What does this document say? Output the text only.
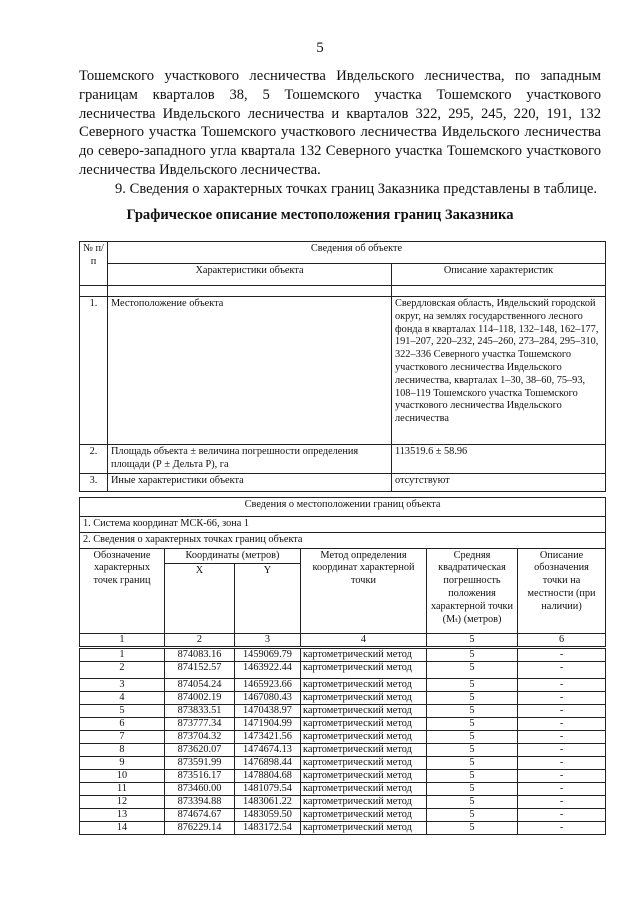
5

Тошемского участкового лесничества Ивдельского лесничества, по западным границам кварталов 38, 5 Тошемского участка Тошемского участкового лесничества Ивдельского лесничества и кварталов 322, 295, 245, 220, 191, 132 Северного участка Тошемского участкового лесничества Ивдельского лесничества до северо-западного угла квартала 132 Северного участка Тошемского участкового лесничества Ивдельского лесничества.

9. Сведения о характерных точках границ Заказника представлены в таблице.

Графическое описание местоположения границ Заказника
№ п/п	Сведения об объекте	
	Характеристики объекта	Описание характеристик

1.	Местоположение объекта	Свердловская область, Ивдельский городской округ, на землях государственного лесного фонда в кварталах 114–118, 132–148, 162–177, 191–207, 220–232, 245–260, 273–284, 295–310, 322–336 Северного участка Тошемского участкового лесничества Ивдельского лесничества, кварталах 1–30, 38–60, 75–93, 108–119 Тошемского участка Тошемского участкового лесничества Ивдельского лесничества
2.	Площадь объекта ± величина погрешности определения площади (Р ± Дельта Р), га	113519.6 ± 58.96
3.	Иные характеристики объекта	отсутствуют
Сведения о местоположении границ объекта					
1. Система координат МСК-66, зона 1					
2. Сведения о характерных точках границ объекта					
Обозначение характерных точек границ	Координаты (метров)		Метод определения координат характерной точки	Средняя квадратическая погрешность положения характерной точки (Mₜ) (метров)	Описание обозначения точки на местности (при наличии)
	X	Y			
1	2	3	4	5	6
1	874083.16	1459069.79	картометрический метод	5	-
2	874152.57	1463922.44	картометрический метод	5	-
3	874054.24	1465923.66	картометрический метод	5	-
4	874002.19	1467080.43	картометрический метод	5	-
5	873833.51	1470438.97	картометрический метод	5	-
6	873777.34	1471904.99	картометрический метод	5	-
7	873704.32	1473421.56	картометрический метод	5	-
8	873620.07	1474674.13	картометрический метод	5	-
9	873591.99	1476898.44	картометрический метод	5	-
10	873516.17	1478804.68	картометрический метод	5	-
11	873460.00	1481079.54	картометрический метод	5	-
12	873394.88	1483061.22	картометрический метод	5	-
13	874674.67	1483059.50	картометрический метод	5	-
14	876229.14	1483172.54	картометрический метод	5	-
